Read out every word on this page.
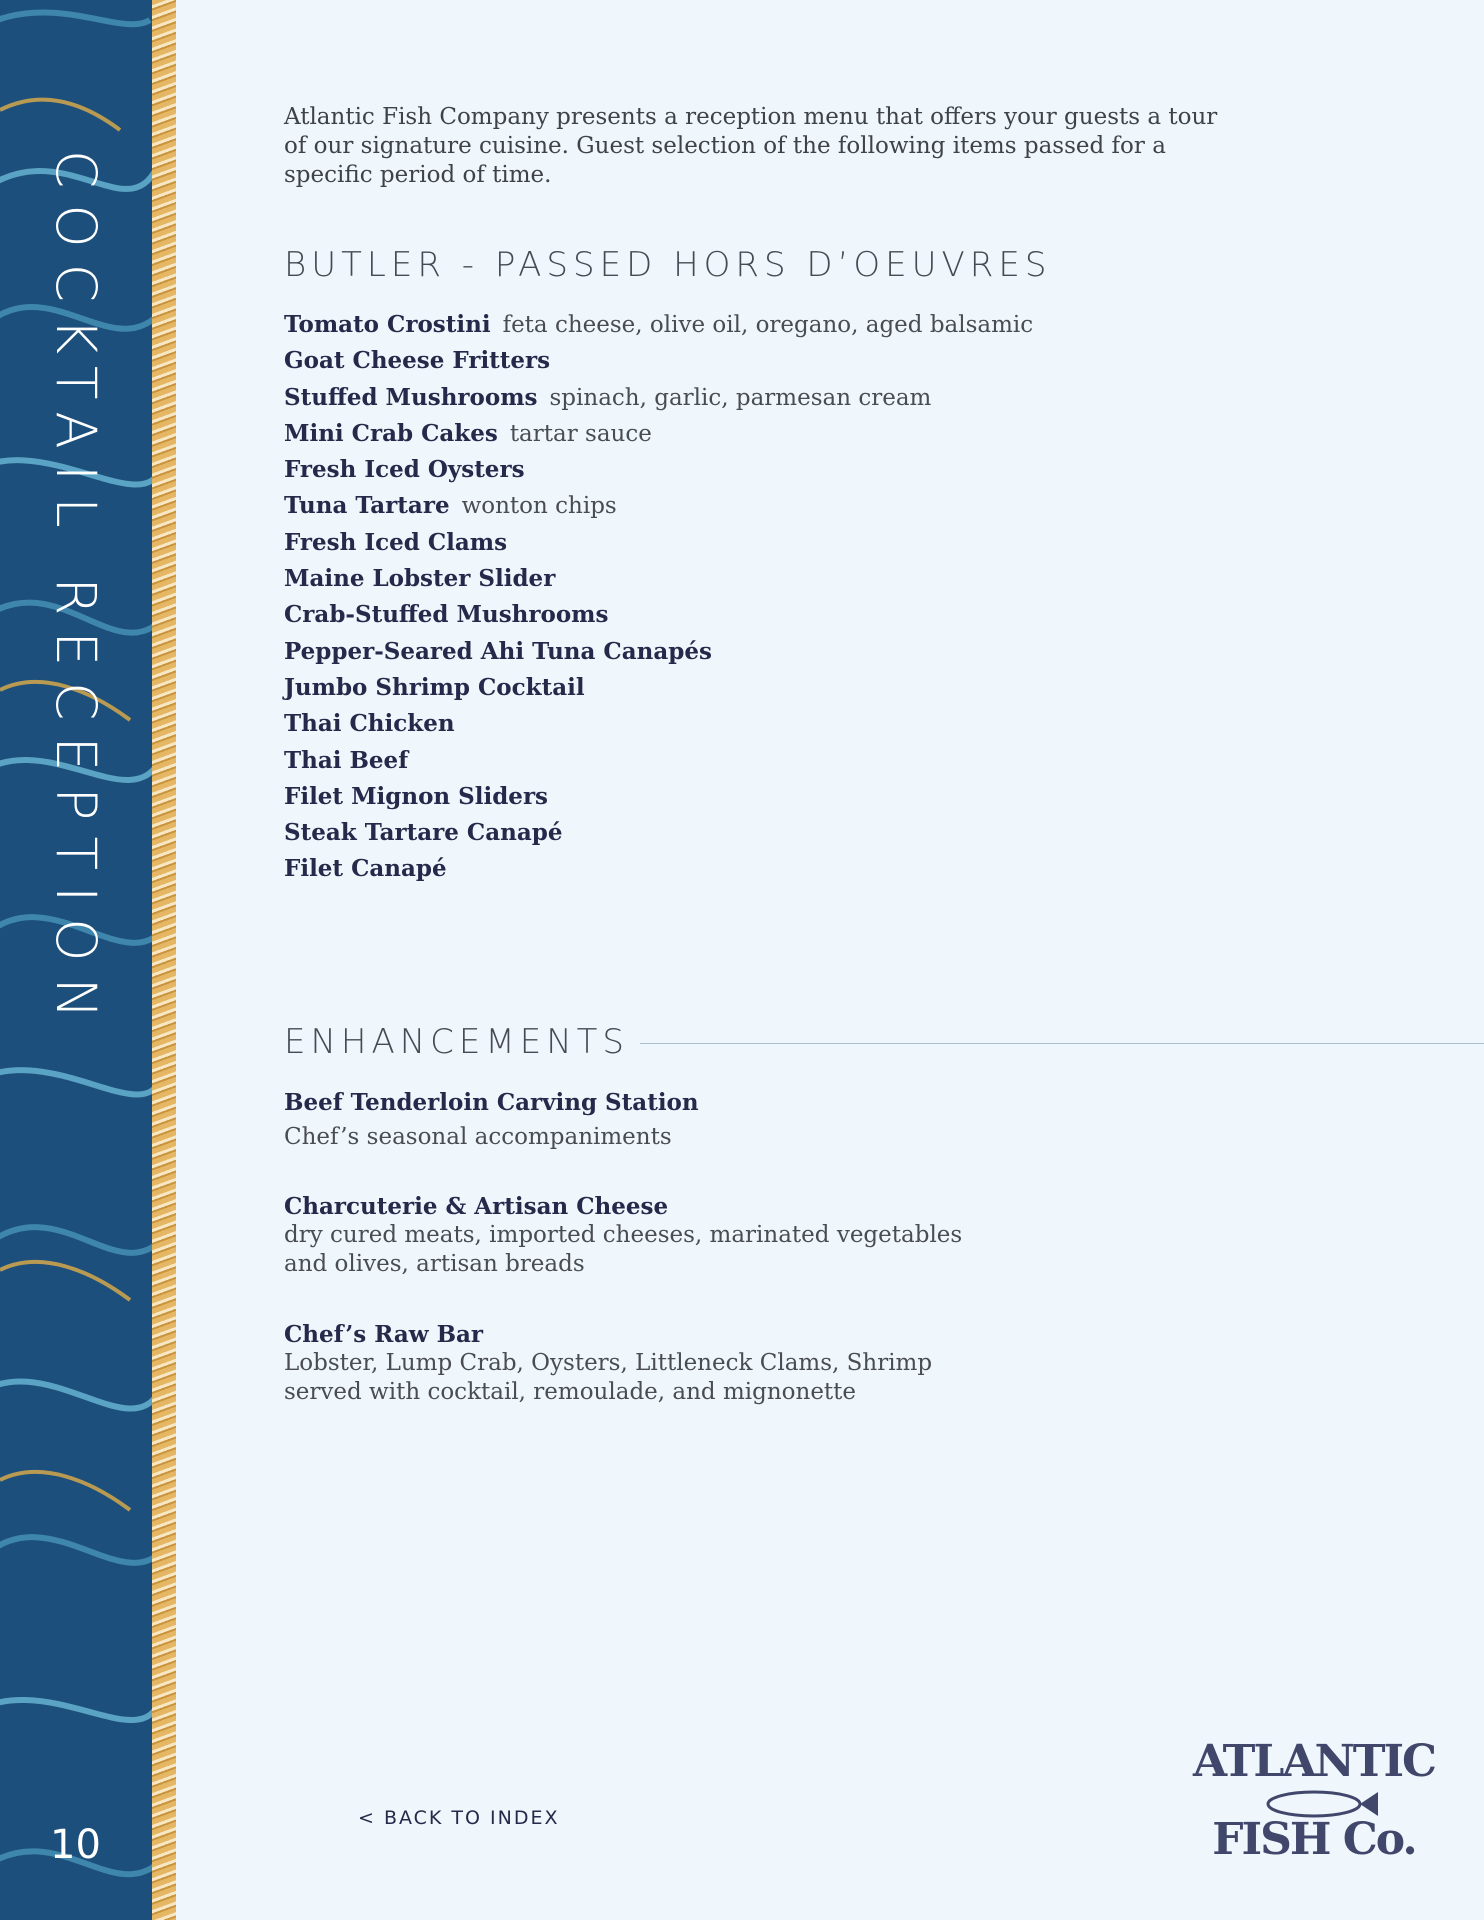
COCKTAIL RECEPTION
10
Atlantic Fish Company presents a reception menu that offers your guests a tour of our signature cuisine. Guest selection of the following items passed for a specific period of time.
BUTLER - PASSED HORS D’OEUVRES
Tomato Crostini feta cheese, olive oil, oregano, aged balsamic
Goat Cheese Fritters
Stuffed Mushrooms spinach, garlic, parmesan cream
Mini Crab Cakes tartar sauce
Fresh Iced Oysters
Tuna Tartare wonton chips
Fresh Iced Clams
Maine Lobster Slider
Crab-Stuffed Mushrooms
Pepper-Seared Ahi Tuna Canapés
Jumbo Shrimp Cocktail
Thai Chicken
Thai Beef
Filet Mignon Sliders
Steak Tartare Canapé
Filet Canapé
ENHANCEMENTS
Beef Tenderloin Carving Station
Chef’s seasonal accompaniments
Charcuterie & Artisan Cheese
dry cured meats, imported cheeses, marinated vegetables
and olives, artisan breads
Chef’s Raw Bar
Lobster, Lump Crab, Oysters, Littleneck Clams, Shrimp
served with cocktail, remoulade, and mignonette
< BACK TO INDEX
ATLANTIC
FISH Co.
